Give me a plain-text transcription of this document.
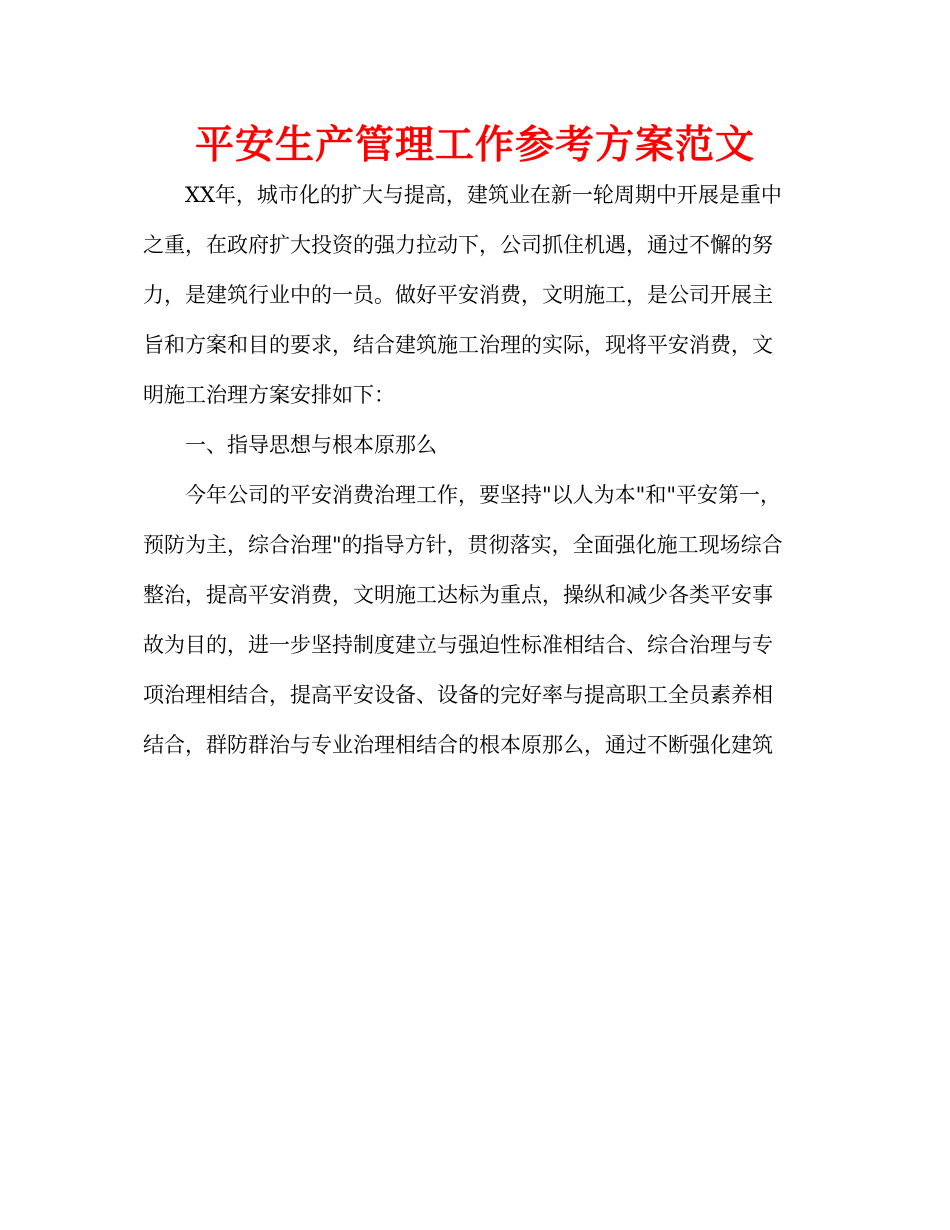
平安生产管理工作参考方案范文
XX年，城市化的扩大与提高，建筑业在新一轮周期中开展是重中
之重，在政府扩大投资的强力拉动下，公司抓住机遇，通过不懈的努
力，是建筑行业中的一员。做好平安消费，文明施工，是公司开展主
旨和方案和目的要求，结合建筑施工治理的实际，现将平安消费，文
明施工治理方案安排如下：
一、指导思想与根本原那么
今年公司的平安消费治理工作，要坚持"以人为本"和"平安第一，
预防为主，综合治理"的指导方针，贯彻落实，全面强化施工现场综合
整治，提高平安消费，文明施工达标为重点，操纵和减少各类平安事
故为目的，进一步坚持制度建立与强迫性标准相结合、综合治理与专
项治理相结合，提高平安设备、设备的完好率与提高职工全员素养相
结合，群防群治与专业治理相结合的根本原那么，通过不断强化建筑
